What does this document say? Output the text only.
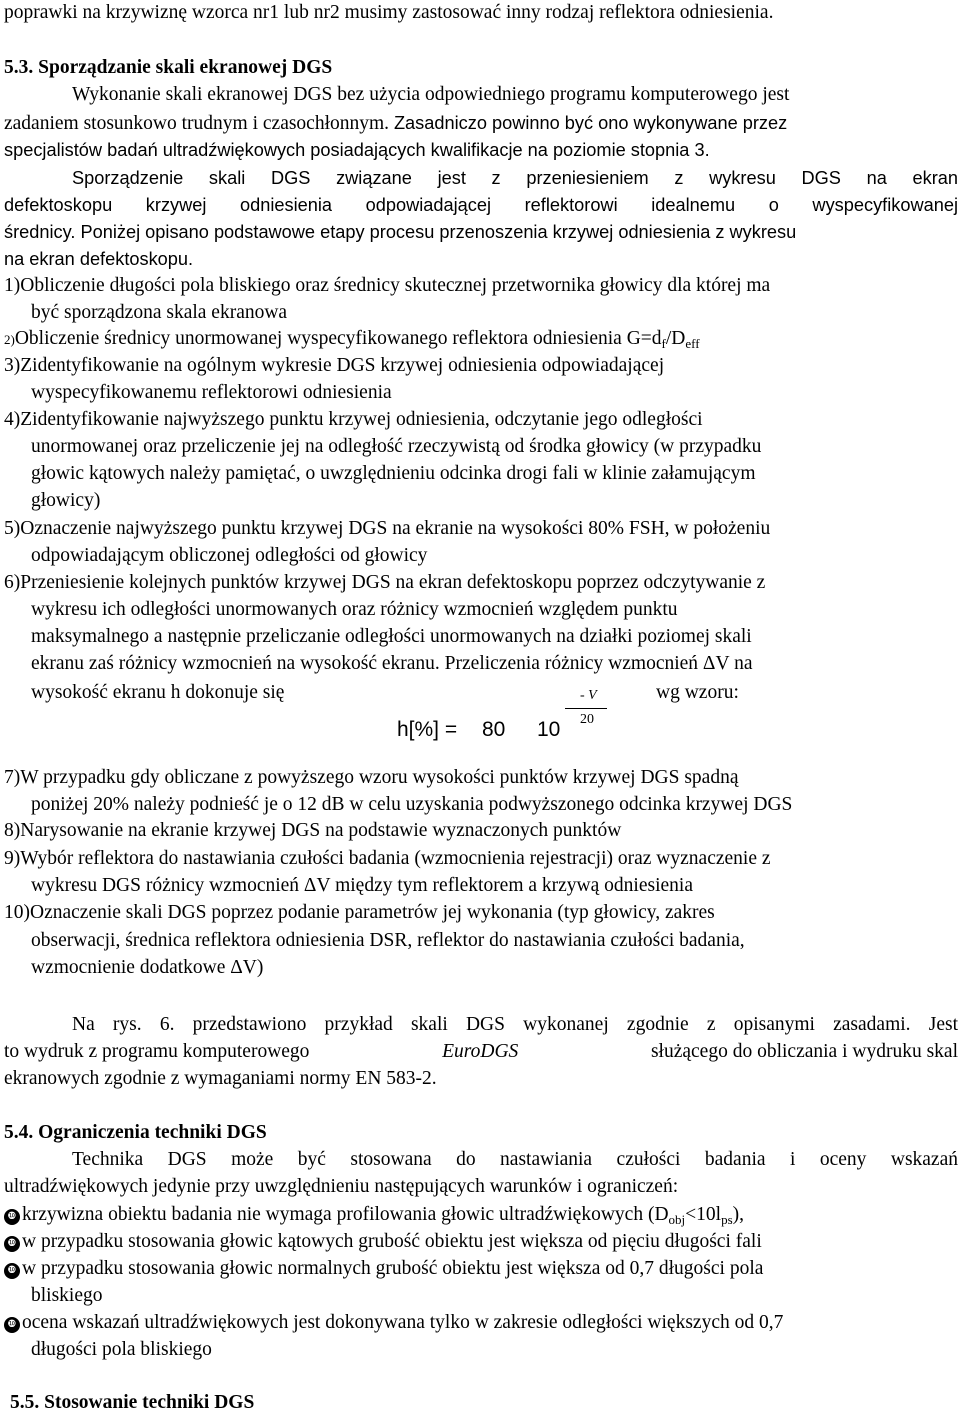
poprawki na krzywiznę wzorca nr1 lub nr2 musimy zastosować inny rodzaj reflektora odniesienia.
5.3. Sporządzanie skali ekranowej DGS
Wykonanie skali ekranowej DGS bez użycia odpowiedniego programu komputerowego jest
zadaniem stosunkowo trudnym i czasochłonnym. Zasadniczo powinno być ono wykonywane przez
specjalistów badań ultradźwiękowych posiadających kwalifikacje na poziomie stopnia 3.
Sporządzenie skali DGS związane jest z przeniesieniem z wykresu DGS na ekran
defektoskopu krzywej odniesienia odpowiadającej reflektorowi idealnemu o wyspecyfikowanej
średnicy. Poniżej opisano podstawowe etapy procesu przenoszenia krzywej odniesienia z wykresu
na ekran defektoskopu.
1)Obliczenie długości pola bliskiego oraz średnicy skutecznej przetwornika głowicy dla której ma
być sporządzona skala ekranowa
2)Obliczenie średnicy unormowanej wyspecyfikowanego reflektora odniesienia $G=d_f/D_{eff}$
3)Zidentyfikowanie na ogólnym wykresie DGS krzywej odniesienia odpowiadającej
wyspecyfikowanemu reflektorowi odniesienia
4)Zidentyfikowanie najwyższego punktu krzywej odniesienia, odczytanie jego odległości
unormowanej oraz przeliczenie jej na odległość rzeczywistą od środka głowicy (w przypadku
głowic kątowych należy pamiętać, o uwzględnieniu odcinka drogi fali w klinie załamującym
głowicy)
5)Oznaczenie najwyższego punktu krzywej DGS na ekranie na wysokości 80% FSH, w położeniu
odpowiadającym obliczonej odległości od głowicy
6)Przeniesienie kolejnych punktów krzywej DGS na ekran defektoskopu poprzez odczytywanie z
wykresu ich odległości unormowanych oraz różnicy wzmocnień względem punktu
maksymalnego a następnie przeliczanie odległości unormowanych na działki poziomej skali
ekranu zaś różnicy wzmocnień na wysokość ekranu. Przeliczenia różnicy wzmocnień ΔV na
wysokość ekranu h dokonuje się	wg wzoru:
- V
20
h[%] = 80 10
7)W przypadku gdy obliczane z powyższego wzoru wysokości punktów krzywej DGS spadną
poniżej 20% należy podnieść je o 12 dB w celu uzyskania podwyższonego odcinka krzywej DGS
8)Narysowanie na ekranie krzywej DGS na podstawie wyznaczonych punktów
9)Wybór reflektora do nastawiania czułości badania (wzmocnienia rejestracji) oraz wyznaczenie z
wykresu DGS różnicy wzmocnień ΔV między tym reflektorem a krzywą odniesienia
10)Oznaczenie skali DGS poprzez podanie parametrów jej wykonania (typ głowicy, zakres
obserwacji, średnica reflektora odniesienia DSR, reflektor do nastawiania czułości badania,
wzmocnienie dodatkowe ΔV)
Na rys. 6. przedstawiono przykład skali DGS wykonanej zgodnie z opisanymi zasadami. Jest
to wydruk z programu komputerowego	EuroDGS	służącego do obliczania i wydruku skal
ekranowych zgodnie z wymaganiami normy EN 583-2.
5.4. Ograniczenia techniki DGS
Technika DGS może być stosowana do nastawiania czułości badania i oceny wskazań
ultradźwiękowych jedynie przy uwzględnieniu następujących warunków i ograniczeń:
❿ krzywizna obiektu badania nie wymaga profilowania głowic ultradźwiękowych $(D_{obj}<10l_{ps})$,
❿ w przypadku stosowania głowic kątowych grubość obiektu jest większa od pięciu długości fali
❿ w przypadku stosowania głowic normalnych grubość obiektu jest większa od 0,7 długości pola
bliskiego
❿ ocena wskazań ultradźwiękowych jest dokonywana tylko w zakresie odległości większych od 0,7
długości pola bliskiego
5.5. Stosowanie techniki DGS
